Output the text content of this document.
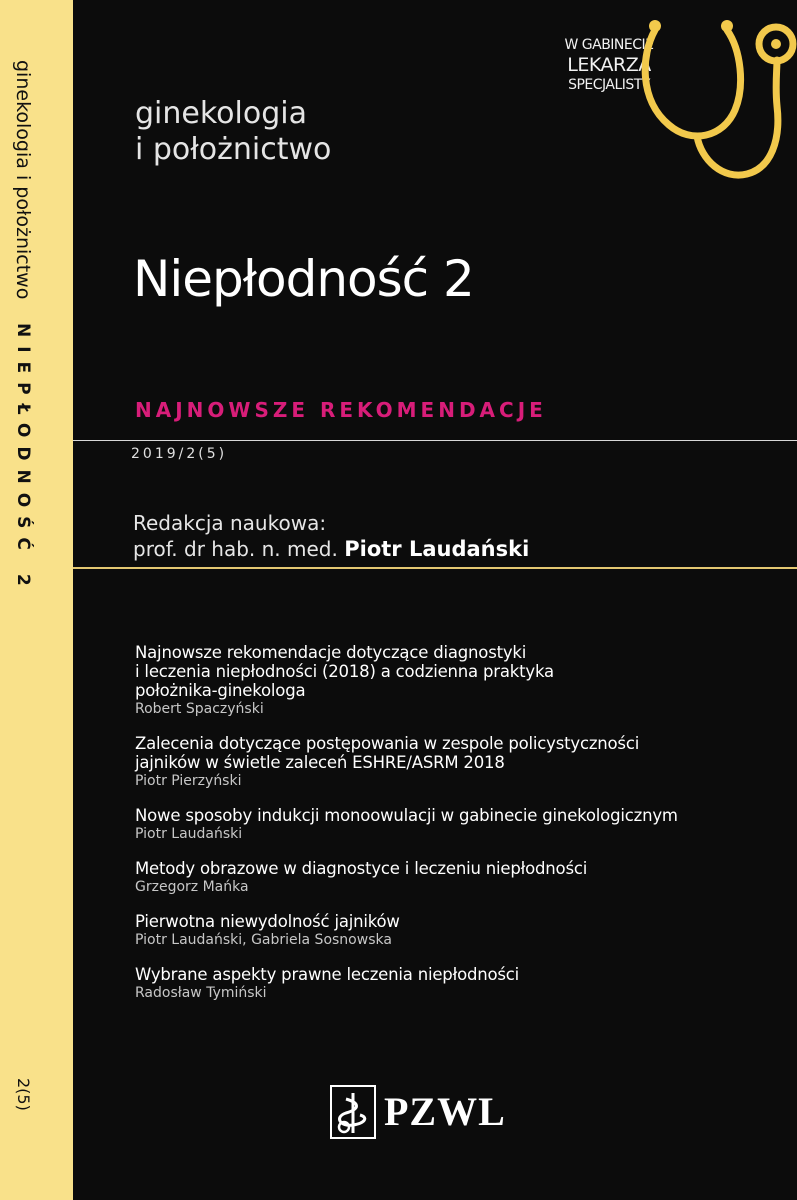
ginekologia i położnictwo NIEPŁODNOŚĆ 2
2(5)
ginekologia
i położnictwo
W GABINECIE
LEKARZA
SPECJALISTY
Niepłodność 2
NAJNOWSZE REKOMENDACJE
2019/2(5)
Redakcja naukowa:
prof. dr hab. n. med. Piotr Laudański
Najnowsze rekomendacje dotyczące diagnostyki
i leczenia niepłodności (2018) a codzienna praktyka
położnika-ginekologa
Robert Spaczyński
Zalecenia dotyczące postępowania w zespole policystyczności
jajników w świetle zaleceń ESHRE/ASRM 2018
Piotr Pierzyński
Nowe sposoby indukcji monoowulacji w gabinecie ginekologicznym
Piotr Laudański
Metody obrazowe w diagnostyce i leczeniu niepłodności
Grzegorz Mańka
Pierwotna niewydolność jajników
Piotr Laudański, Gabriela Sosnowska
Wybrane aspekty prawne leczenia niepłodności
Radosław Tymiński
PZWL
